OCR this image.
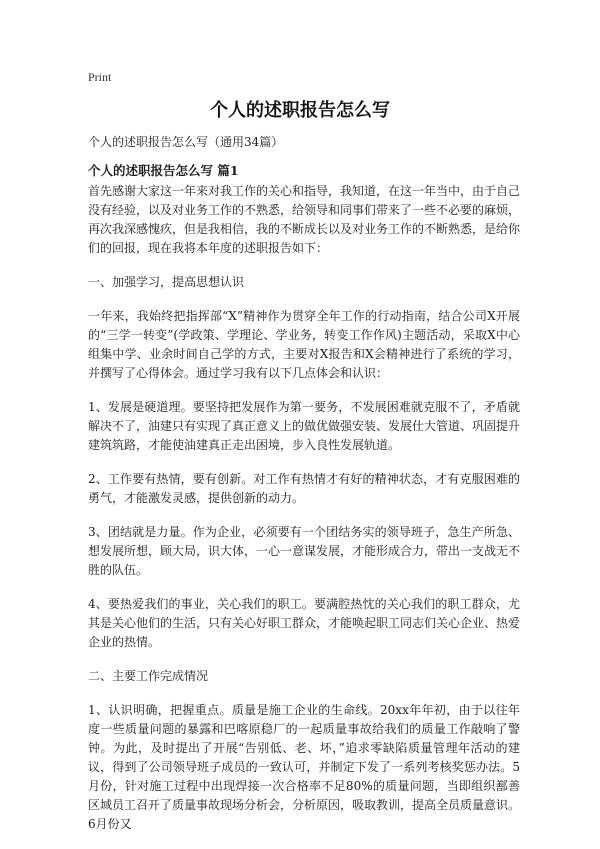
Print
个人的述职报告怎么写
个人的述职报告怎么写（通用34篇）
个人的述职报告怎么写 篇1

首先感谢大家这一年来对我工作的关心和指导，我知道，在这一年当中，由于自己没有经验，以及对业务工作的不熟悉，给领导和同事们带来了一些不必要的麻烦，再次我深感愧疚，但是我相信，我的不断成长以及对业务工作的不断熟悉，是给你们的回报，现在我将本年度的述职报告如下：

一、加强学习，提高思想认识

一年来，我始终把指挥部“X”精神作为贯穿全年工作的行动指南，结合公司X开展的“三学一转变”(学政策、学理论、学业务，转变工作作风)主题活动，采取X中心组集中学、业余时间自己学的方式，主要对X报告和X会精神进行了系统的学习，并撰写了心得体会。通过学习我有以下几点体会和认识：

1、发展是硬道理。要坚持把发展作为第一要务，不发展困难就克服不了，矛盾就解决不了，油建只有实现了真正意义上的做优做强安装、发展仕大管道、巩固提升建筑筑路，才能使油建真正走出困境，步入良性发展轨道。

2、工作要有热情，要有创新。对工作有热情才有好的精神状态，才有克服困难的勇气，才能激发灵感，提供创新的动力。

3、团结就是力量。作为企业，必须要有一个团结务实的领导班子，急生产所急、想发展所想，顾大局，识大体，一心一意谋发展，才能形成合力，带出一支战无不胜的队伍。

4、要热爱我们的事业，关心我们的职工。要满腔热忱的关心我们的职工群众，尤其是关心他们的生活，只有关心好职工群众，才能唤起职工同志们关心企业、热爱企业的热情。

二、主要工作完成情况

1、认识明确，把握重点。质量是施工企业的生命线。20xx年年初，由于以往年度一些质量问题的暴露和巴喀原稳厂的一起质量事故给我们的质量工作敲响了警钟。为此，及时提出了开展“告别低、老、坏，”追求零缺陷质量管理年活动的建议，得到了公司领导班子成员的一致认可，并制定下发了一系列考核奖惩办法。5月份，针对施工过程中出现焊接一次合格率不足80%的质量问题，当即组织鄯善区域员工召开了质量事故现场分析会，分析原因，吸取教训，提高全员质量意识。6月份又
